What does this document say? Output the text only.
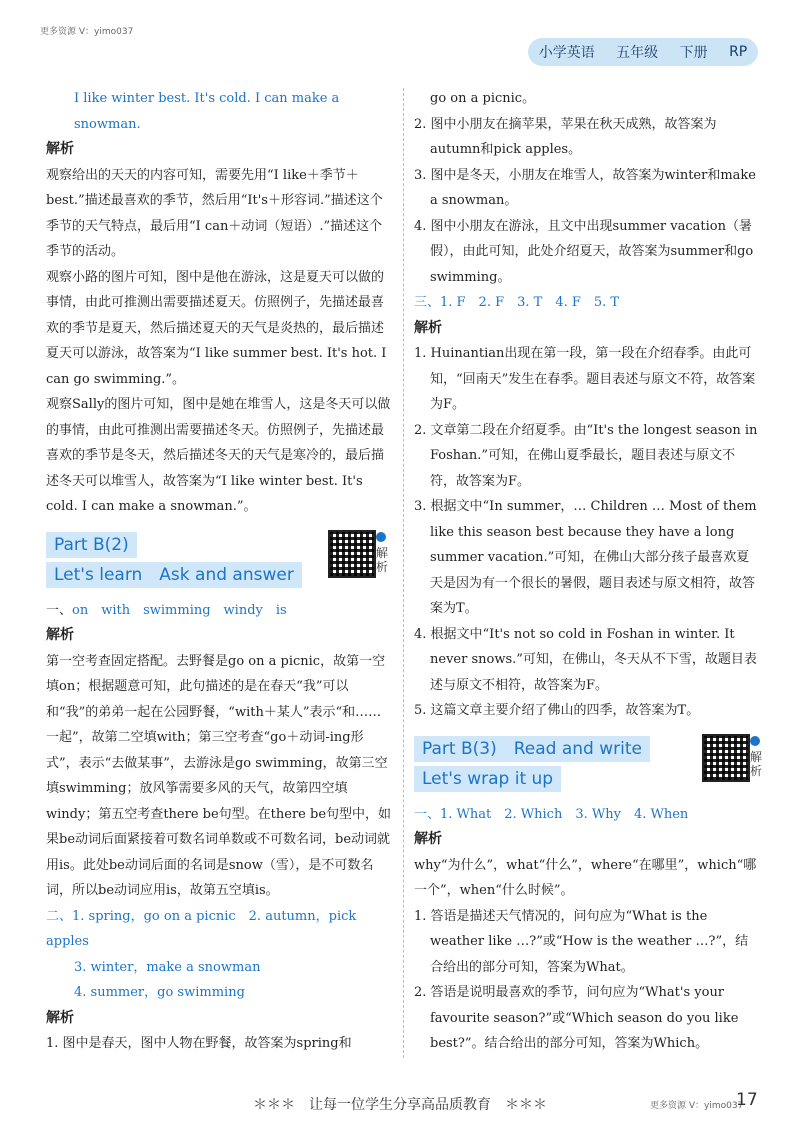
更多资源 V：yimo037
小学英语 五年级 下册 RP

I like winter best. It's cold. I can make a

snowman.

解析

观察给出的天天的内容可知，需要先用“I like＋季节＋best.”描述最喜欢的季节，然后用“It's＋形容词.”描述这个季节的天气特点，最后用“I can＋动词（短语）.”描述这个季节的活动。

观察小路的图片可知，图中是他在游泳，这是夏天可以做的事情，由此可推测出需要描述夏天。仿照例子，先描述最喜欢的季节是夏天，然后描述夏天的天气是炎热的，最后描述夏天可以游泳，故答案为“I like summer best. It's hot. I can go swimming.”。

观察Sally的图片可知，图中是她在堆雪人，这是冬天可以做的事情，由此可推测出需要描述冬天。仿照例子，先描述最喜欢的季节是冬天，然后描述冬天的天气是寒冷的，最后描述冬天可以堆雪人，故答案为“I like winter best. It's cold. I can make a snowman.”。

Part B(2)
Let's learn　Ask and answer
解析

一、on　with　swimming　windy　is

解析

第一空考查固定搭配。去野餐是go on a picnic，故第一空填on；根据题意可知，此句描述的是在春天“我”可以和“我”的弟弟一起在公园野餐，“with＋某人”表示“和……一起”，故第二空填with；第三空考查“go＋动词-ing形式”，表示“去做某事”，去游泳是go swimming，故第三空填swimming；放风筝需要多风的天气，故第四空填windy；第五空考查there be句型。在there be句型中，如果be动词后面紧接着可数名词单数或不可数名词，be动词就用is。此处be动词后面的名词是snow（雪），是不可数名词，所以be动词应用is，故第五空填is。

二、1. spring，go on a picnic　2. autumn，pick apples

3. winter，make a snowman

4. summer，go swimming

解析

1. 图中是春天，图中人物在野餐，故答案为spring和

go on a picnic。

2. 图中小朋友在摘苹果，苹果在秋天成熟，故答案为autumn和pick apples。

3. 图中是冬天，小朋友在堆雪人，故答案为winter和make a snowman。

4. 图中小朋友在游泳，且文中出现summer vacation（暑假），由此可知，此处介绍夏天，故答案为summer和go swimming。

三、1. F　2. F　3. T　4. F　5. T

解析

1. Huinantian出现在第一段，第一段在介绍春季。由此可知，“回南天”发生在春季。题目表述与原文不符，故答案为F。

2. 文章第二段在介绍夏季。由“It's the longest season in Foshan.”可知，在佛山夏季最长，题目表述与原文不符，故答案为F。

3. 根据文中“In summer，… Children … Most of them like this season best because they have a long summer vacation.”可知，在佛山大部分孩子最喜欢夏天是因为有一个很长的暑假，题目表述与原文相符，故答案为T。

4. 根据文中“It's not so cold in Foshan in winter. It never snows.”可知，在佛山，冬天从不下雪，故题目表述与原文不相符，故答案为F。

5. 这篇文章主要介绍了佛山的四季，故答案为T。

Part B(3)　Read and write
Let's wrap it up
解析

一、1. What　2. Which　3. Why　4. When

解析

why“为什么”，what“什么”，where“在哪里”，which“哪一个”，when“什么时候”。

1. 答语是描述天气情况的，问句应为“What is the weather like …?”或“How is the weather …?”，结合给出的部分可知，答案为What。

2. 答语是说明最喜欢的季节，问句应为“What's your favourite season?”或“Which season do you like best?”。结合给出的部分可知，答案为Which。

＊＊＊　让每一位学生分享高品质教育　＊＊＊	更多资源 V：yimo037
17
